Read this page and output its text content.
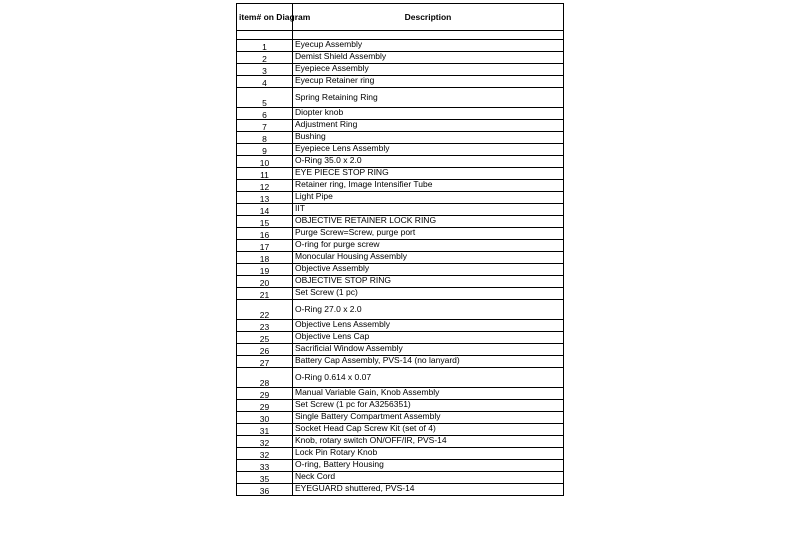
item# on Diagram	Description

1	Eyecup Assembly
2	Demist Shield Assembly
3	Eyepiece Assembly
4	Eyecup Retainer ring
5	Spring Retaining Ring
6	Diopter knob
7	Adjustment Ring
8	Bushing
9	Eyepiece Lens Assembly
10	O-Ring 35.0 x 2.0
11	EYE PIECE STOP RING
12	Retainer ring, Image Intensifier Tube
13	Light Pipe
14	IIT
15	OBJECTIVE RETAINER LOCK RING
16	Purge Screw=Screw, purge port
17	O-ring for purge screw
18	Monocular Housing Assembly
19	Objective Assembly
20	OBJECTIVE STOP RING
21	Set Screw (1 pc)
22	O-Ring 27.0 x 2.0
23	Objective Lens Assembly
25	Objective Lens Cap
26	Sacrificial Window Assembly
27	Battery Cap Assembly, PVS-14 (no lanyard)
28	O-Ring 0.614 x 0.07
29	Manual Variable Gain, Knob Assembly
29	Set Screw (1 pc for A3256351)
30	Single Battery Compartment Assembly
31	Socket Head Cap Screw Kit (set of 4)
32	Knob, rotary switch ON/OFF/IR, PVS-14
32	Lock Pin Rotary Knob
33	O-ring, Battery Housing
35	Neck Cord
36	EYEGUARD shuttered, PVS-14
